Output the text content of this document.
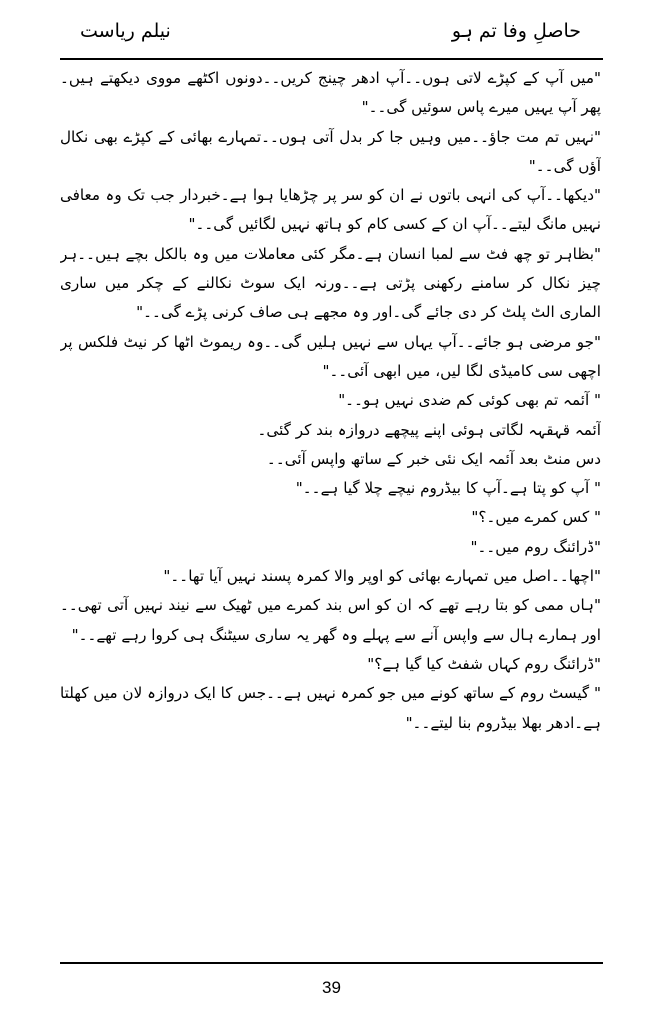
حاصلِ وفا تم ہو
نیلم ریاست

"میں آپ کے کپڑے لاتی ہوں۔۔آپ ادھر چینج کریں۔۔دونوں اکٹھے مووی دیکھتے ہیں۔پھر آپ یہیں میرے پاس سوئیں گی۔۔"

"نہیں تم مت جاؤ۔۔میں وہیں جا کر بدل آتی ہوں۔۔تمہارے بھائی کے کپڑے بھی نکال آؤں گی۔۔"

"دیکھا۔۔آپ کی انہی باتوں نے ان کو سر پر چڑھایا ہوا ہے۔خبردار جب تک وہ معافی نہیں مانگ لیتے۔۔آپ ان کے کسی کام کو ہاتھ نہیں لگائیں گی۔۔"

"بظاہر تو چھ فٹ سے لمبا انسان ہے۔مگر کئی معاملات میں وہ بالکل بچے ہیں۔۔ہر چیز نکال کر سامنے رکھنی پڑتی ہے۔۔ورنہ ایک سوٹ نکالنے کے چکر میں ساری الماری الٹ پلٹ کر دی جائے گی۔اور وہ مجھے ہی صاف کرنی پڑے گی۔۔"

"جو مرضی ہو جائے۔۔آپ یہاں سے نہیں ہلیں گی۔۔وہ ریموٹ اٹھا کر نیٹ فلکس پر اچھی سی کامیڈی لگا لیں، میں ابھی آئی۔۔"

" آئمہ تم بھی کوئی کم ضدی نہیں ہو۔۔"

آئمہ قہقہہ لگاتی ہوئی اپنے پیچھے دروازہ بند کر گئی۔

دس منٹ بعد آئمہ ایک نئی خبر کے ساتھ واپس آئی۔۔

" آپ کو پتا ہے۔آپ کا بیڈروم نیچے چلا گیا ہے۔۔"

" کس کمرے میں۔؟"

"ڈرائنگ روم میں۔۔"

"اچھا۔۔اصل میں تمہارے بھائی کو اوپر والا کمرہ پسند نہیں آیا تھا۔۔"

"ہاں ممی کو بتا رہے تھے کہ ان کو اس بند کمرے میں ٹھیک سے نیند نہیں آتی تھی۔۔اور ہمارے ہال سے واپس آنے سے پہلے وہ گھر یہ ساری سیٹنگ ہی کروا رہے تھے۔۔"

"ڈرائنگ روم کہاں شفٹ کیا گیا ہے؟"

" گیسٹ روم کے ساتھ کونے میں جو کمرہ نہیں ہے۔۔جس کا ایک دروازہ لان میں کھلتا ہے۔ادھر بھلا بیڈروم بنا لیتے۔۔"

39
